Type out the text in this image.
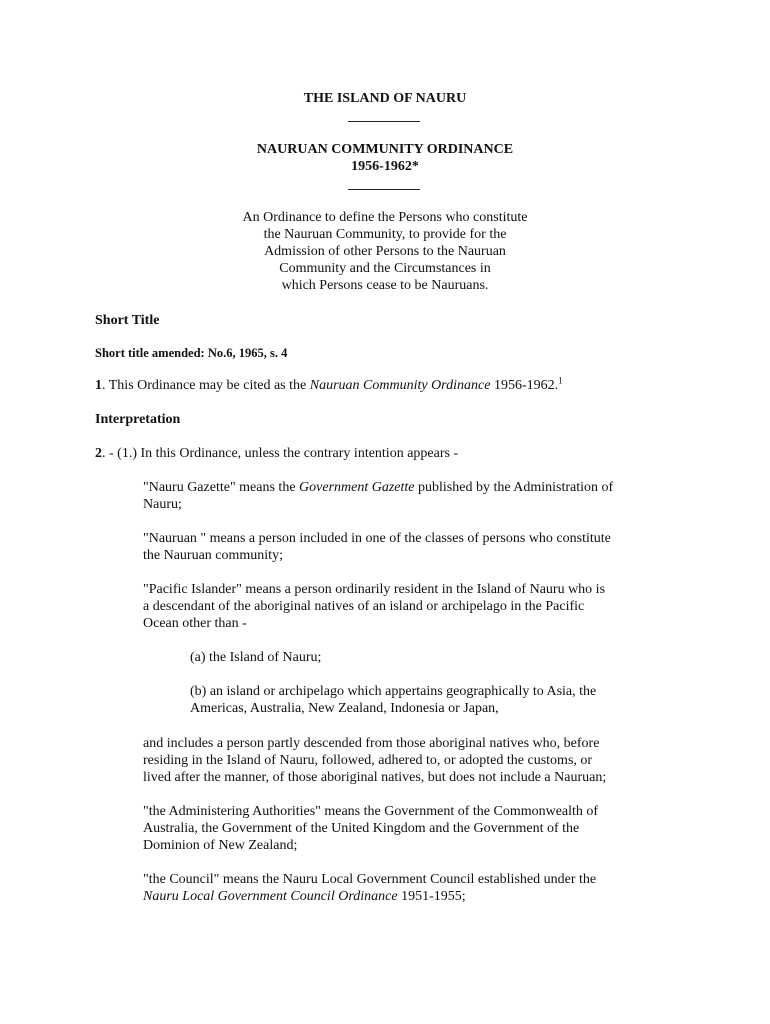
THE ISLAND OF NAURU
NAURUAN COMMUNITY ORDINANCE
1956-1962*
An Ordinance to define the Persons who constitute
the Nauruan Community, to provide for the
Admission of other Persons to the Nauruan
Community and the Circumstances in
which Persons cease to be Nauruans.
Short Title
Short title amended: No.6, 1965, s. 4
1. This Ordinance may be cited as the Nauruan Community Ordinance 1956-1962.$^1$
Interpretation
2. - (1.) In this Ordinance, unless the contrary intention appears -
"Nauru Gazette" means the Government Gazette published by the Administration of
Nauru;
"Nauruan " means a person included in one of the classes of persons who constitute
the Nauruan community;
"Pacific Islander" means a person ordinarily resident in the Island of Nauru who is
a descendant of the aboriginal natives of an island or archipelago in the Pacific
Ocean other than -
(a) the Island of Nauru;
(b) an island or archipelago which appertains geographically to Asia, the
Americas, Australia, New Zealand, Indonesia or Japan,
and includes a person partly descended from those aboriginal natives who, before
residing in the Island of Nauru, followed, adhered to, or adopted the customs, or
lived after the manner, of those aboriginal natives, but does not include a Nauruan;
"the Administering Authorities" means the Government of the Commonwealth of
Australia, the Government of the United Kingdom and the Government of the
Dominion of New Zealand;
"the Council" means the Nauru Local Government Council established under the
Nauru Local Government Council Ordinance 1951-1955;
